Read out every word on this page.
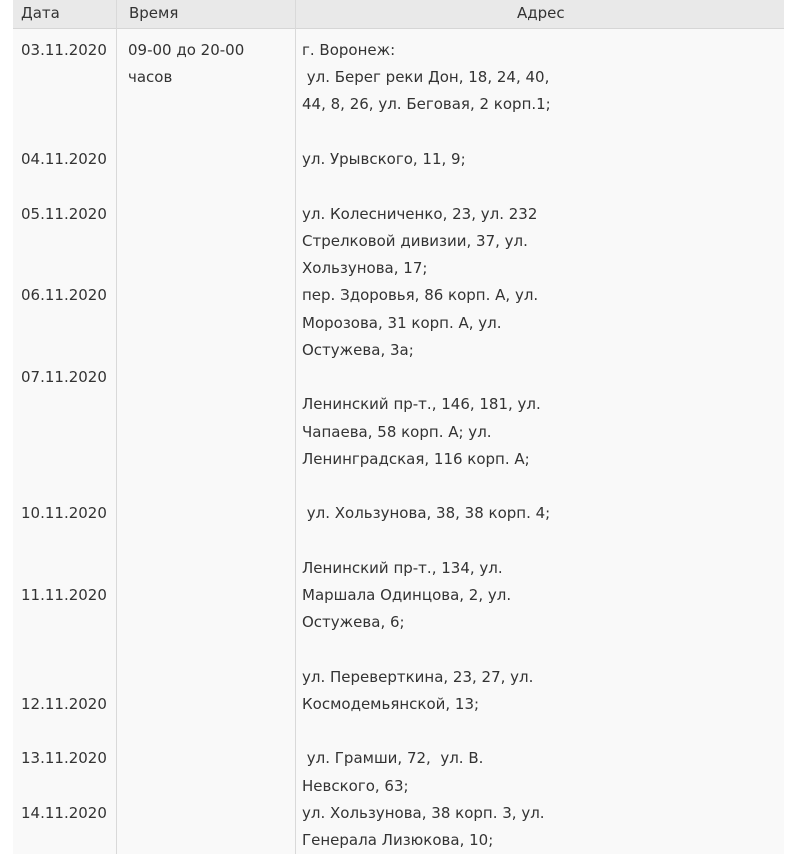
Дата	Время	Адрес
09-00 до 20-00
часов
03.11.2020
04.11.2020
05.11.2020
06.11.2020
07.11.2020
10.11.2020
11.11.2020
12.11.2020
13.11.2020
14.11.2020
г. Воронеж:
ул. Берег реки Дон, 18, 24, 40,
44, 8, 26, ул. Беговая, 2 корп.1;
ул. Урывского, 11, 9;
ул. Колесниченко, 23, ул. 232
Стрелковой дивизии, 37, ул.
Хользунова, 17;
пер. Здоровья, 86 корп. А, ул.
Морозова, 31 корп. А, ул.
Остужева, 3а;
Ленинский пр-т., 146, 181, ул.
Чапаева, 58 корп. А; ул.
Ленинградская, 116 корп. А;
ул. Хользунова, 38, 38 корп. 4;
Ленинский пр-т., 134, ул.
Маршала Одинцова, 2, ул.
Остужева, 6;
ул. Переверткина, 23, 27, ул.
Космодемьянской, 13;
ул. Грамши, 72,  ул. В.
Невского, 63;
ул. Хользунова, 38 корп. 3, ул.
Генерала Лизюкова, 10;
